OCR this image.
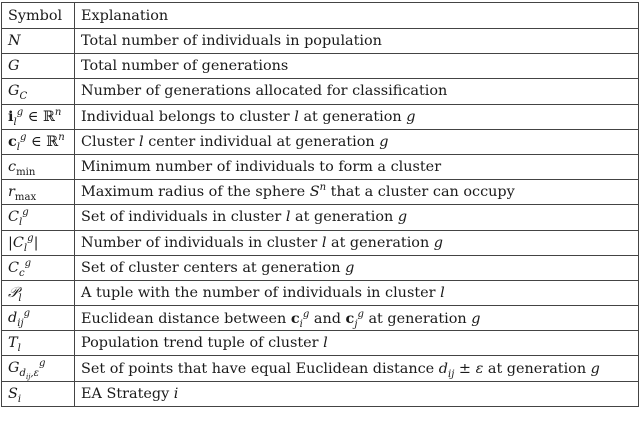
Symbol	Explanation
N	Total number of individuals in population
G	Total number of generations
$G_C$	Number of generations allocated for classification
$i_l^g$ ∈ ℝ$^n$	Individual belongs to cluster l at generation g
$c_l^g$ ∈ ℝ$^n$	Cluster l center individual at generation g
$c_{min}$	Minimum number of individuals to form a cluster
$r_{max}$	Maximum radius of the sphere $S^n$ that a cluster can occupy
$C_l^g$	Set of individuals in cluster l at generation g
$|C_l^g|$	Number of individuals in cluster l at generation g
$C_c^g$	Set of cluster centers at generation g
𝒫$_l$	A tuple with the number of individuals in cluster l
$d_{ij}^g$	Euclidean distance between $c_i^g$ and $c_j^g$ at generation g
$T_l$	Population trend tuple of cluster l
$G_{d_{ij},\varepsilon}^g$	Set of points that have equal Euclidean distance $d_{ij} \pm \varepsilon$ at generation g
$S_i$	EA Strategy i
